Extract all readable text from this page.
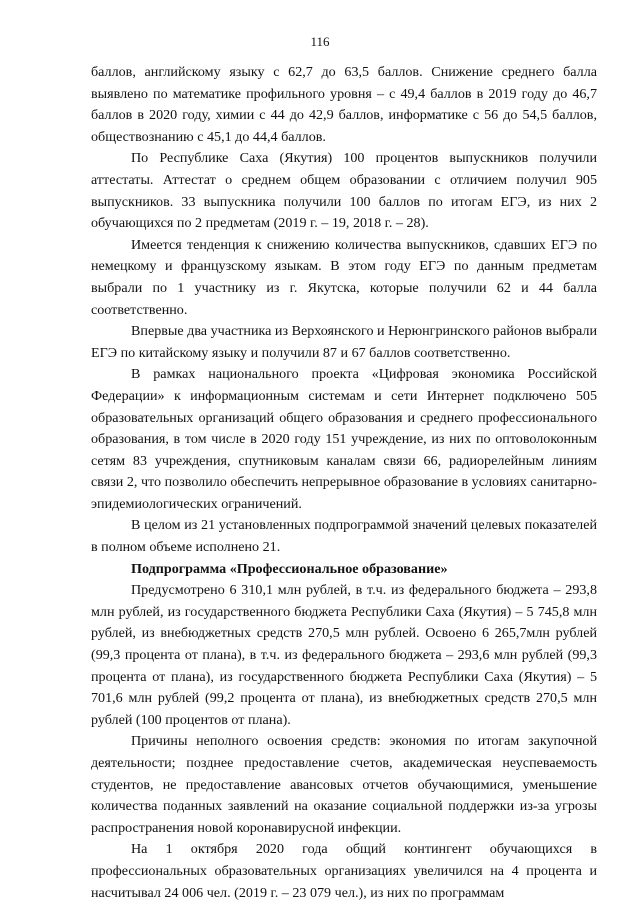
116

баллов, английскому языку с 62,7 до 63,5 баллов. Снижение среднего балла выявлено по математике профильного уровня – с 49,4 баллов в 2019 году до 46,7 баллов в 2020 году, химии с 44 до 42,9 баллов, информатике с 56 до 54,5 баллов, обществознанию с 45,1 до 44,4 баллов.

По Республике Саха (Якутия) 100 процентов выпускников получили аттестаты. Аттестат о среднем общем образовании с отличием получил 905 выпускников. 33 выпускника получили 100 баллов по итогам ЕГЭ, из них 2 обучающихся по 2 предметам (2019 г. – 19, 2018 г. – 28).

Имеется тенденция к снижению количества выпускников, сдавших ЕГЭ по немецкому и французскому языкам. В этом году ЕГЭ по данным предметам выбрали по 1 участнику из г. Якутска, которые получили 62 и 44 балла соответственно.

Впервые два участника из Верхоянского и Нерюнгринского районов выбрали ЕГЭ по китайскому языку и получили 87 и 67 баллов соответственно.

В рамках национального проекта «Цифровая экономика Российской Федерации» к информационным системам и сети Интернет подключено 505 образовательных организаций общего образования и среднего профессионального образования, в том числе в 2020 году 151 учреждение, из них по оптоволоконным сетям 83 учреждения, спутниковым каналам связи 66, радиорелейным линиям связи 2, что позволило обеспечить непрерывное образование в условиях санитарно-эпидемиологических ограничений.

В целом из 21 установленных подпрограммой значений целевых показателей в полном объеме исполнено 21.

Подпрограмма «Профессиональное образование»

Предусмотрено 6 310,1 млн рублей, в т.ч. из федерального бюджета – 293,8 млн рублей, из государственного бюджета Республики Саха (Якутия) – 5 745,8 млн рублей, из внебюджетных средств 270,5 млн рублей. Освоено 6 265,7млн рублей (99,3 процента от плана), в т.ч. из федерального бюджета – 293,6 млн рублей (99,3 процента от плана), из государственного бюджета Республики Саха (Якутия) – 5 701,6 млн рублей (99,2 процента от плана), из внебюджетных средств 270,5 млн рублей (100 процентов от плана).

Причины неполного освоения средств: экономия по итогам закупочной деятельности; позднее предоставление счетов, академическая неуспеваемость студентов, не предоставление авансовых отчетов обучающимися, уменьшение количества поданных заявлений на оказание социальной поддержки из-за угрозы распространения новой коронавирусной инфекции.

На 1 октября 2020 года общий контингент обучающихся в профессиональных образовательных организациях увеличился на 4 процента и насчитывал 24 006 чел. (2019 г. – 23 079 чел.), из них по программам
